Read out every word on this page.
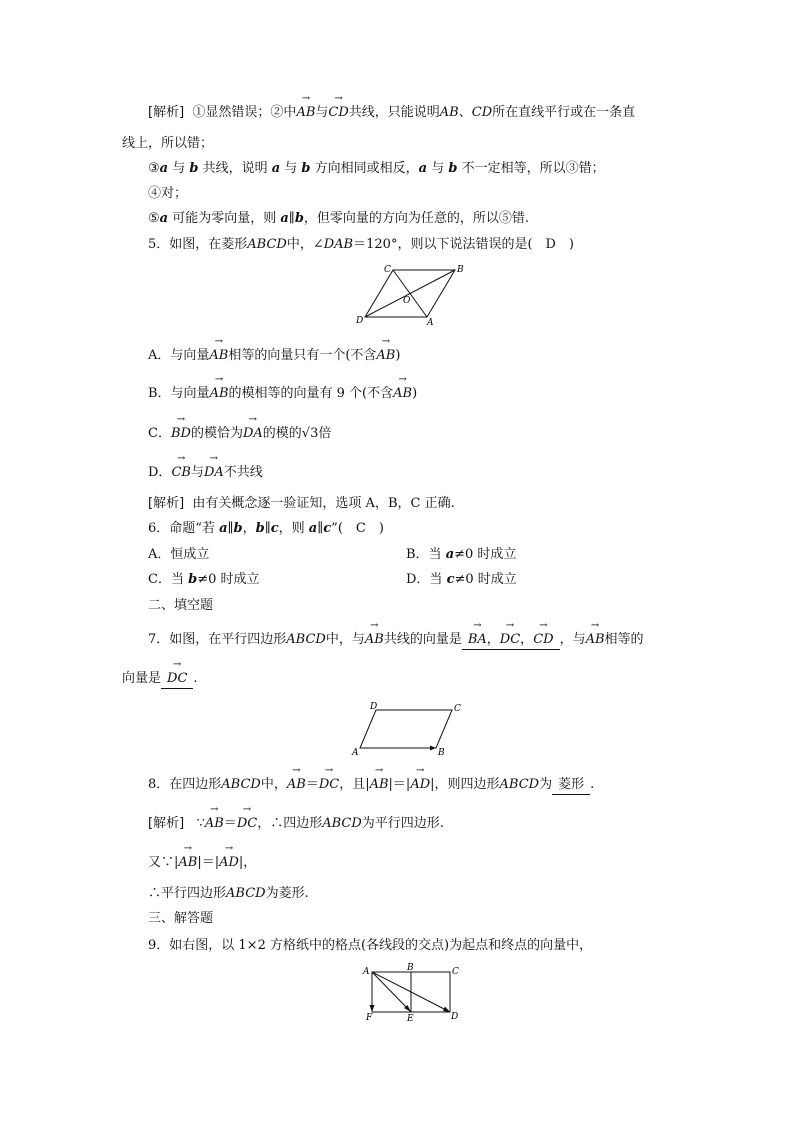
[解析] ①显然错误；②中→ AB与→ CD共线，只能说明AB、CD所在直线平行或在一条直
线上，所以错；
③a 与 b 共线，说明 a 与 b 方向相同或相反，a 与 b 不一定相等，所以③错；
④对；
⑤a 可能为零向量，则 a∥b，但零向量的方向为任意的，所以⑤错.
5．如图，在菱形ABCD中，∠DAB＝120°，则以下说法错误的是(　D　)
C	B
O
D	A
A．与向量→ AB相等的向量只有一个(不含→ AB)
B．与向量→ AB的模相等的向量有 9 个(不含→ AB)
C．→ BD的模恰为→ DA的模的√3倍
D．→ CB与→ DA不共线
[解析] 由有关概念逐一验证知，选项 A，B，C 正确.
6．命题“若 a∥b，b∥c，则 a∥c”(　C　)
A．恒成立	B．当 a≠0 时成立
C．当 b≠0 时成立	D．当 c≠0 时成立
二、填空题
7．如图，在平行四边形ABCD中，与→ AB共线的向量是 → BA，→ DC，→ CD ，与→ AB相等的
向量是 → DC .
D	C
A	B
8．在四边形ABCD中，→ AB＝→ DC，且|→ AB|＝|→ AD|，则四边形ABCD为 菱形 .
[解析] ∵→ AB＝→ DC，∴四边形ABCD为平行四边形.
又∵|→ AB|＝|→ AD|，
∴平行四边形ABCD为菱形.
三、解答题
9．如右图，以 1×2 方格纸中的格点(各线段的交点)为起点和终点的向量中，
A	B	C
F	E	D
